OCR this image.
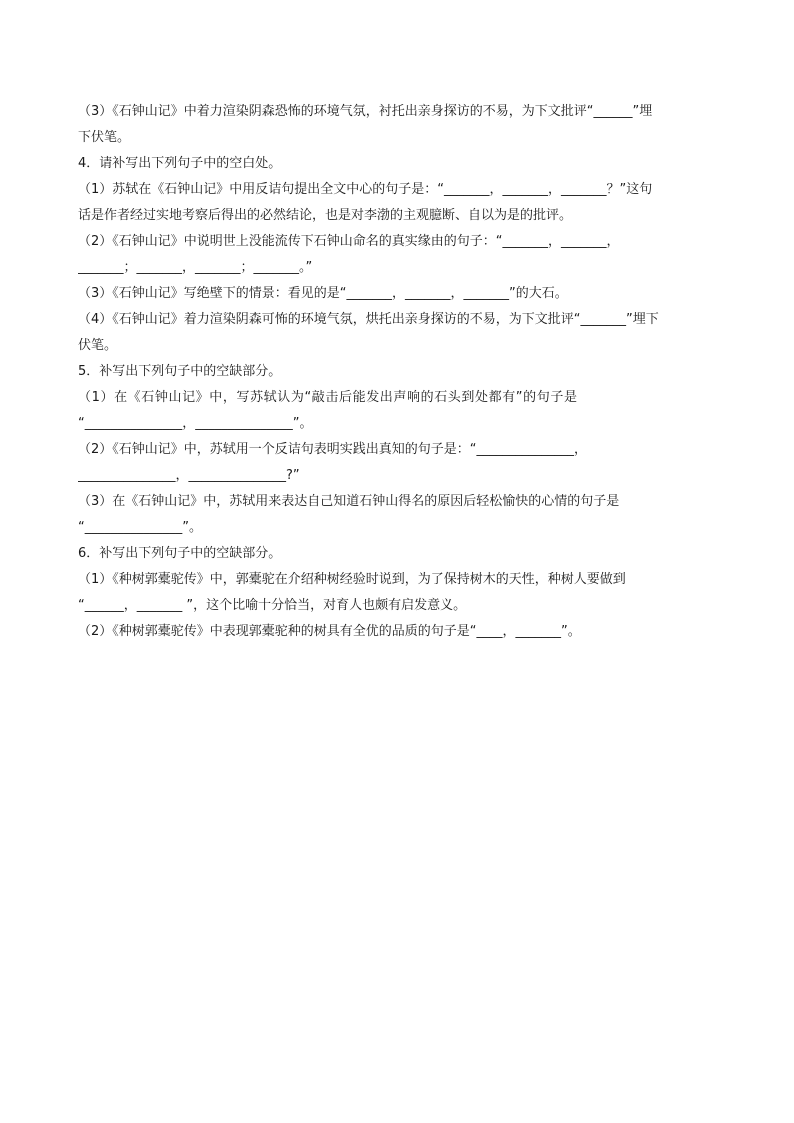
（3）《石钟山记》中着力渲染阴森恐怖的环境气氛，衬托出亲身探访的不易，为下文批评“______”埋
下伏笔。
4．请补写出下列句子中的空白处。
（1）苏轼在《石钟山记》中用反诘句提出全文中心的句子是：“_______，_______，_______？”这句
话是作者经过实地考察后得出的必然结论，也是对李渤的主观臆断、自以为是的批评。
（2）《石钟山记》中说明世上没能流传下石钟山命名的真实缘由的句子：“_______，_______，
_______；_______，_______；_______。”
（3）《石钟山记》写绝壁下的情景：看见的是“_______，_______，_______”的大石。
（4）《石钟山记》着力渲染阴森可怖的环境气氛，烘托出亲身探访的不易，为下文批评“_______”埋下
伏笔。
5．补写出下列句子中的空缺部分。
（1）在《石钟山记》中，写苏轼认为“敲击后能发出声响的石头到处都有”的句子是
“_______________，_______________”。
（2）《石钟山记》中，苏轼用一个反诘句表明实践出真知的句子是：“_______________，
_______________，_______________?”
（3）在《石钟山记》中，苏轼用来表达自己知道石钟山得名的原因后轻松愉快的心情的句子是
“_______________”。
6．补写出下列句子中的空缺部分。
（1）《种树郭橐驼传》中，郭橐驼在介绍种树经验时说到，为了保持树木的天性，种树人要做到
“______，_______ ”，这个比喻十分恰当，对育人也颇有启发意义。
（2）《种树郭橐驼传》中表现郭橐驼种的树具有全优的品质的句子是“____，_______”。
